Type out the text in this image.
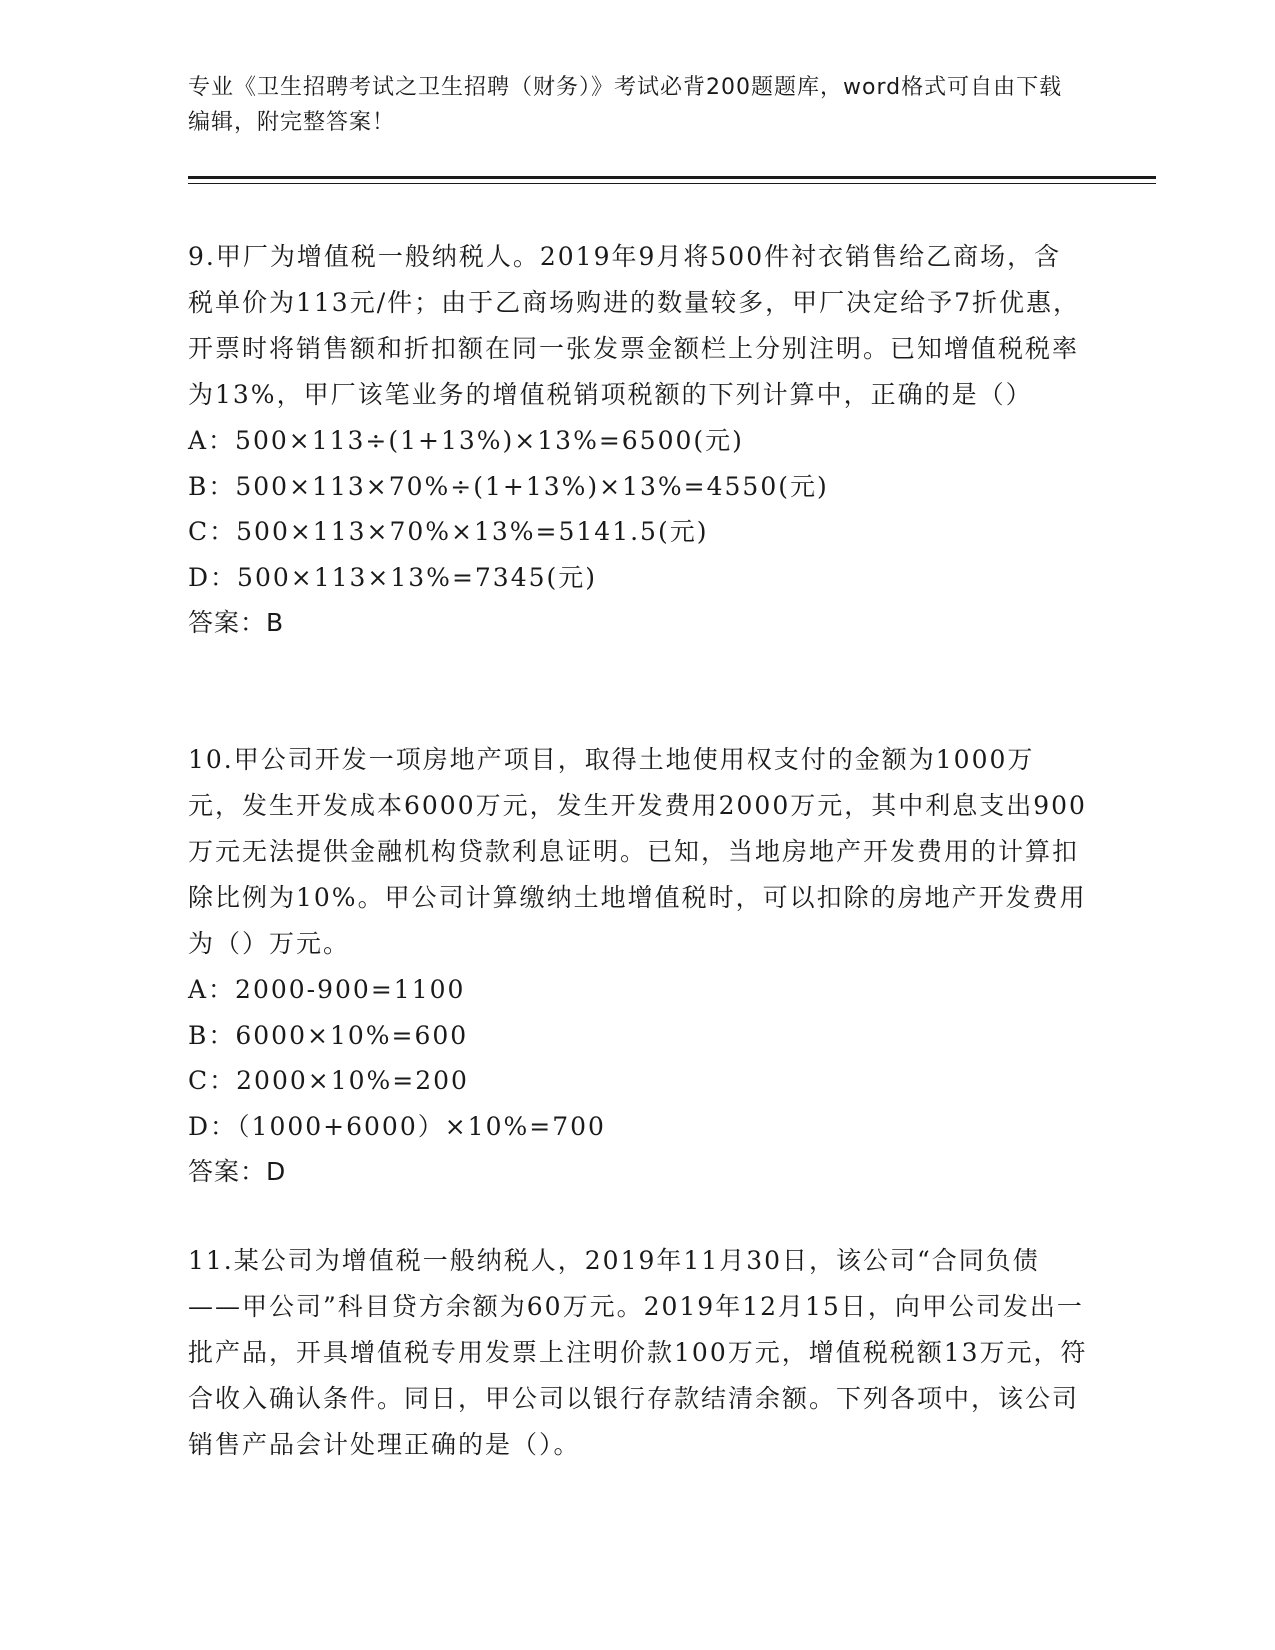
专业《卫生招聘考试之卫生招聘（财务）》考试必背200题题库，word格式可自由下载编辑，附完整答案！

9.甲厂为增值税一般纳税人。2019年9月将500件衬衣销售给乙商场，含税单价为113元/件；由于乙商场购进的数量较多，甲厂决定给予7折优惠，开票时将销售额和折扣额在同一张发票金额栏上分别注明。已知增值税税率为13%，甲厂该笔业务的增值税销项税额的下列计算中，正确的是（）

A：500×113÷(1+13%)×13%=6500(元)

B：500×113×70%÷(1+13%)×13%=4550(元)

C：500×113×70%×13%=5141.5(元)

D：500×113×13%=7345(元)

答案：B

10.甲公司开发一项房地产项目，取得土地使用权支付的金额为1000万元，发生开发成本6000万元，发生开发费用2000万元，其中利息支出900万元无法提供金融机构贷款利息证明。已知，当地房地产开发费用的计算扣除比例为10%。甲公司计算缴纳土地增值税时，可以扣除的房地产开发费用为（）万元。

A：2000-900=1100

B：6000×10%=600

C：2000×10%=200

D：（1000+6000）×10%=700

答案：D

11.某公司为增值税一般纳税人，2019年11月30日，该公司“合同负债——甲公司”科目贷方余额为60万元。2019年12月15日，向甲公司发出一批产品，开具增值税专用发票上注明价款100万元，增值税税额13万元，符合收入确认条件。同日，甲公司以银行存款结清余额。下列各项中，该公司销售产品会计处理正确的是（）。
